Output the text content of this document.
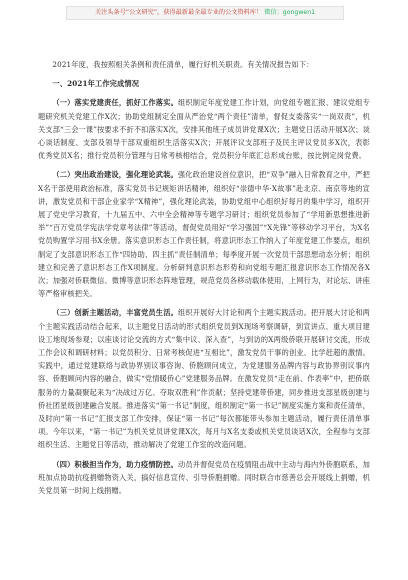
关注头条号“公文研究”，获得最新最全最专业的公文资料库！ 微信：gongwen1

2021年度，我按照相关条例和责任清单，履行好机关职责。有关情况报告如下：

一、2021年工作完成情况

（一）落实党建责任，抓好工作落实。组织制定年度党建工作计划，向党组专题汇报、建议党组专题研究机关党建工作X次；协助党组制定全面从严治党“两个责任”清单，督促支委落实“一岗双责”，机关支部“三会一课”按要求不折不扣落实X次，安排其他班子成员讲党课X次；主题党日活动开展X次；谈心谈话制度、支部及领导干部双重组织生活落实X次；开展评议支部班子及民主评议党员多X次，表彰优秀党员X名；推行党员积分管理与日常考核相结合，党员积分年底汇总形成台账，按比例定岗党费。

（二）突出政治建设，强化理论武装。强化政治建设首位意识，把“双争”融入日常教育之中，严把X名干部使用政治标准，落实党员书记规矩讲话精神，组织好“崇德中华·X故事”赴北京、南京等地的宣讲，激发党员和干部企业家学“X精神”，强化理论武装，协助党组中心组织好每月的集中学习，组织开展了党史学习教育，十九届五中、六中全会精神等专题学习研讨；组织党员参加了“学用新思想推进新举”“百万党员学宪法学党章考法律”等活动，督促党员用好“学习强国”“X先锋”等移动学习平台，为X名党员购置学习用书X余册。落实意识形态工作责任制，将意识形态工作纳入了年度党建工作要点，组织制定了支部意识形态工作“四协助、四主抓”责任制清单；每季度开展一次党员干部思想动态分析；组织建立和完善了意识形态工作X项制度。分析研判意识形态形势和向党组专题汇报意识形态工作情况各X次；加强对侨联微信、微博等意识形态阵地管理，规范党员各移动载体使用，上网行为，对论坛、讲座等严格审核把关。

（三）创新主题活动，丰富党员生活。组织开展好大讨论和两个主题实践活动。把开展大讨论和两个主题实践活动结合起来，以主题党日活动的形式组织党员到X现场考察调研，到宣讲点、重大项目建设工地现场参观；以座谈讨论交流的方式“集中议、深入查”，与到访的X两级侨联开展研讨交流，形成工作会议和调研材料；以党员积分、日常考核促进“互相比”，激发党员干事的创业、比学赶超的激情。实践中，通过党建联络与政协界别议事咨询、侨胞顾问成立，为党建服务品牌内容与政协界别议事内容、侨胞顾问内容的融合，做实“党情暖侨心”党建服务品牌。在激发党员“走在前、作表率”中，把侨联服务的力量凝聚起来为“决战过万亿、夺取双胜利”作贡献；坚持党建带侨建，同步推进支部星级创建与侨社团星级创建融合发展。推进落实“第一书记”制度，组织制定“第一书记”制度实施方案和责任清单，及时向“第一书记”汇报支部工作安排，保证“第一书记”每次都能带头参加主题活动，履行责任清单事项。今年以来，“第一书记”为机关党员讲党课X次，每月与X名支委或机关党员谈话X次，全程参与支部组织生活、主题党日等活动，推动解决了党建工作室的改造问题。

（四）积极担当作为，助力疫情防控。动员并督促党员在疫情阻击战中主动与海内外侨胞联系，加班加点协助抗疫捐赠物资入关，搞好信息宣传、引导侨胞捐赠。同时联合市慈善总会开展线上捐赠，机关党员第一时间上线捐赠。
